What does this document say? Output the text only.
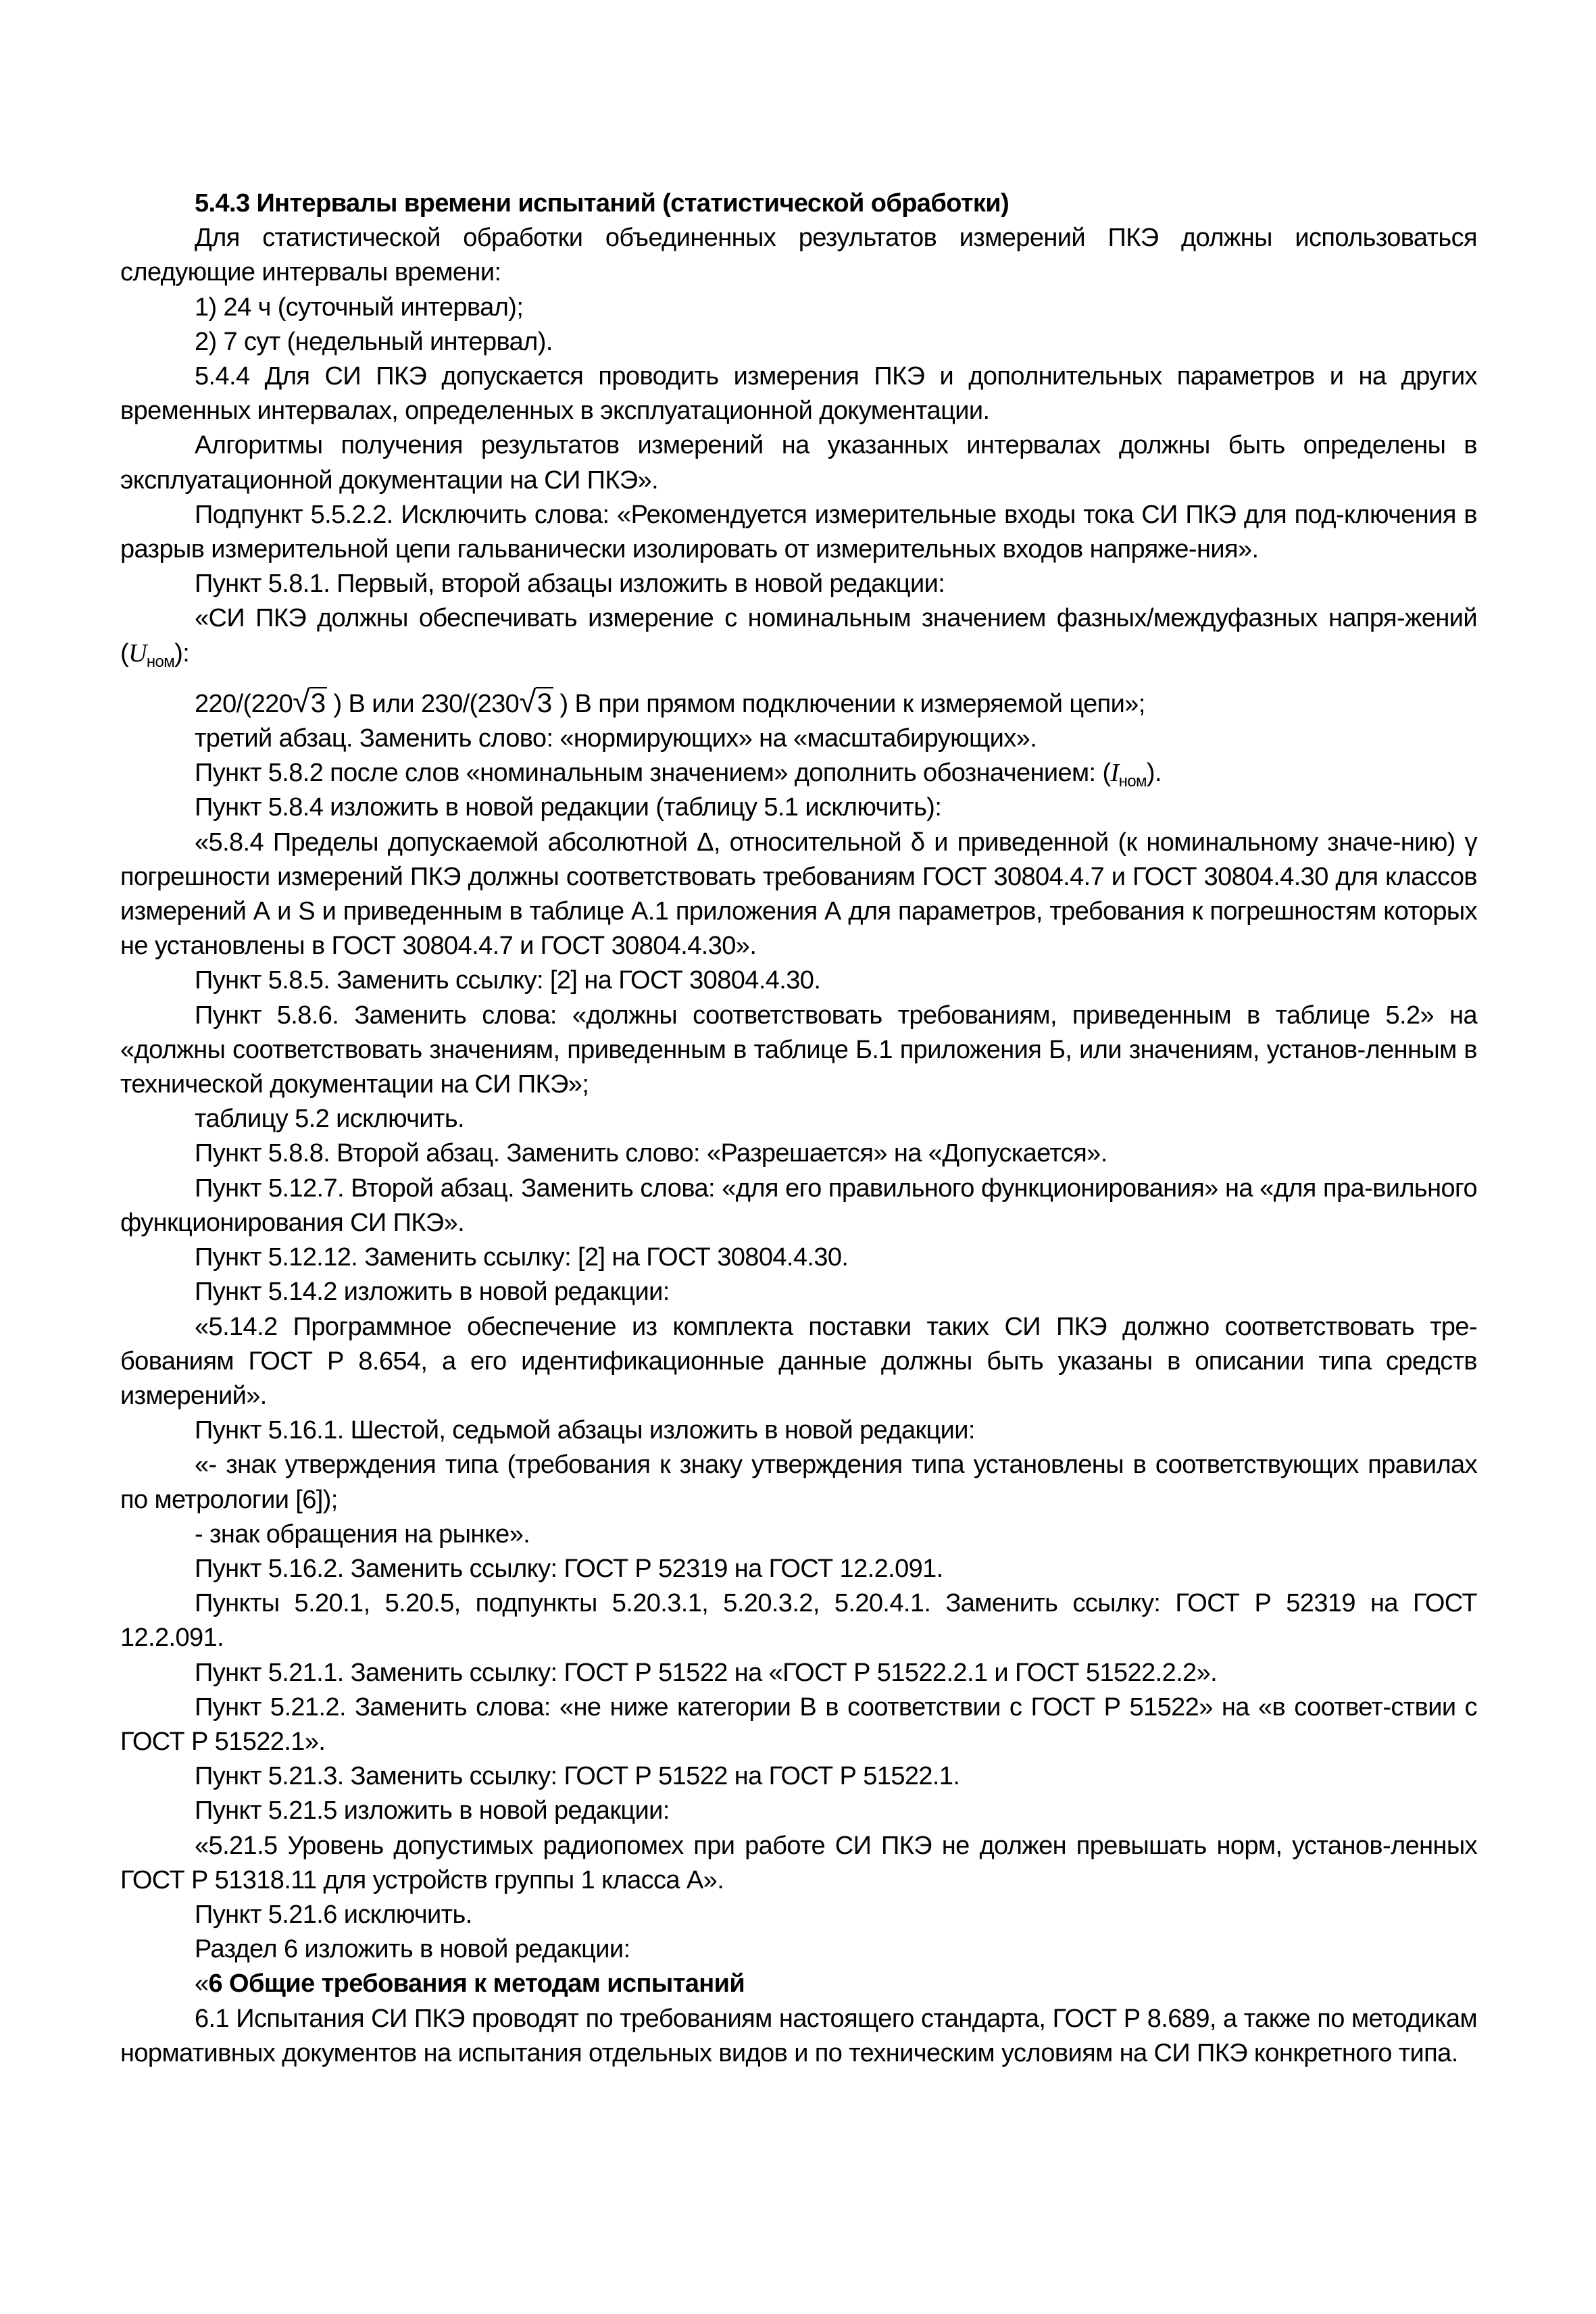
5.4.3 Интервалы времени испытаний (статистической обработки)

Для статистической обработки объединенных результатов измерений ПКЭ должны использоваться следующие интервалы времени:

1) 24 ч (суточный интервал);

2) 7 сут (недельный интервал).

5.4.4 Для СИ ПКЭ допускается проводить измерения ПКЭ и дополнительных параметров и на других временных интервалах, определенных в эксплуатационной документации.

Алгоритмы получения результатов измерений на указанных интервалах должны быть определены в эксплуатационной документации на СИ ПКЭ».

Подпункт 5.5.2.2. Исключить слова: «Рекомендуется измерительные входы тока СИ ПКЭ для под-ключения в разрыв измерительной цепи гальванически изолировать от измерительных входов напряже-ния».

Пункт 5.8.1. Первый, второй абзацы изложить в новой редакции:

«СИ ПКЭ должны обеспечивать измерение с номинальным значением фазных/междуфазных напря-жений $(U_{ном})$:

220/(220√3 ) В или 230/(230√3 ) В при прямом подключении к измеряемой цепи»;

третий абзац. Заменить слово: «нормирующих» на «масштабирующих».

Пункт 5.8.2 после слов «номинальным значением» дополнить обозначением: $(I_{ном})$.

Пункт 5.8.4 изложить в новой редакции (таблицу 5.1 исключить):

«5.8.4 Пределы допускаемой абсолютной Δ, относительной δ и приведенной (к номинальному значе-нию) γ погрешности измерений ПКЭ должны соответствовать требованиям ГОСТ 30804.4.7 и ГОСТ 30804.4.30 для классов измерений А и S и приведенным в таблице А.1 приложения А для параметров, требования к погрешностям которых не установлены в ГОСТ 30804.4.7 и ГОСТ 30804.4.30».

Пункт 5.8.5. Заменить ссылку: [2] на ГОСТ 30804.4.30.

Пункт 5.8.6. Заменить слова: «должны соответствовать требованиям, приведенным в таблице 5.2» на «должны соответствовать значениям, приведенным в таблице Б.1 приложения Б, или значениям, установ-ленным в технической документации на СИ ПКЭ»;

таблицу 5.2 исключить.

Пункт 5.8.8. Второй абзац. Заменить слово: «Разрешается» на «Допускается».

Пункт 5.12.7. Второй абзац. Заменить слова: «для его правильного функционирования» на «для пра-вильного функционирования СИ ПКЭ».

Пункт 5.12.12. Заменить ссылку: [2] на ГОСТ 30804.4.30.

Пункт 5.14.2 изложить в новой редакции:

«5.14.2 Программное обеспечение из комплекта поставки таких СИ ПКЭ должно соответствовать тре-бованиям ГОСТ Р 8.654, а его идентификационные данные должны быть указаны в описании типа средств измерений».

Пункт 5.16.1. Шестой, седьмой абзацы изложить в новой редакции:

«- знак утверждения типа (требования к знаку утверждения типа установлены в соответствующих правилах по метрологии [6]);

- знак обращения на рынке».

Пункт 5.16.2. Заменить ссылку: ГОСТ Р 52319 на ГОСТ 12.2.091.

Пункты 5.20.1, 5.20.5, подпункты 5.20.3.1, 5.20.3.2, 5.20.4.1. Заменить ссылку: ГОСТ Р 52319 на ГОСТ 12.2.091.

Пункт 5.21.1. Заменить ссылку: ГОСТ Р 51522 на «ГОСТ Р 51522.2.1 и ГОСТ 51522.2.2».

Пункт 5.21.2. Заменить слова: «не ниже категории В в соответствии с ГОСТ Р 51522» на «в соответ-ствии с ГОСТ Р 51522.1».

Пункт 5.21.3. Заменить ссылку: ГОСТ Р 51522 на ГОСТ Р 51522.1.

Пункт 5.21.5 изложить в новой редакции:

«5.21.5 Уровень допустимых радиопомех при работе СИ ПКЭ не должен превышать норм, установ-ленных ГОСТ Р 51318.11 для устройств группы 1 класса А».

Пункт 5.21.6 исключить.

Раздел 6 изложить в новой редакции:

«6 Общие требования к методам испытаний

6.1 Испытания СИ ПКЭ проводят по требованиям настоящего стандарта, ГОСТ Р 8.689, а также по методикам нормативных документов на испытания отдельных видов и по техническим условиям на СИ ПКЭ конкретного типа.
